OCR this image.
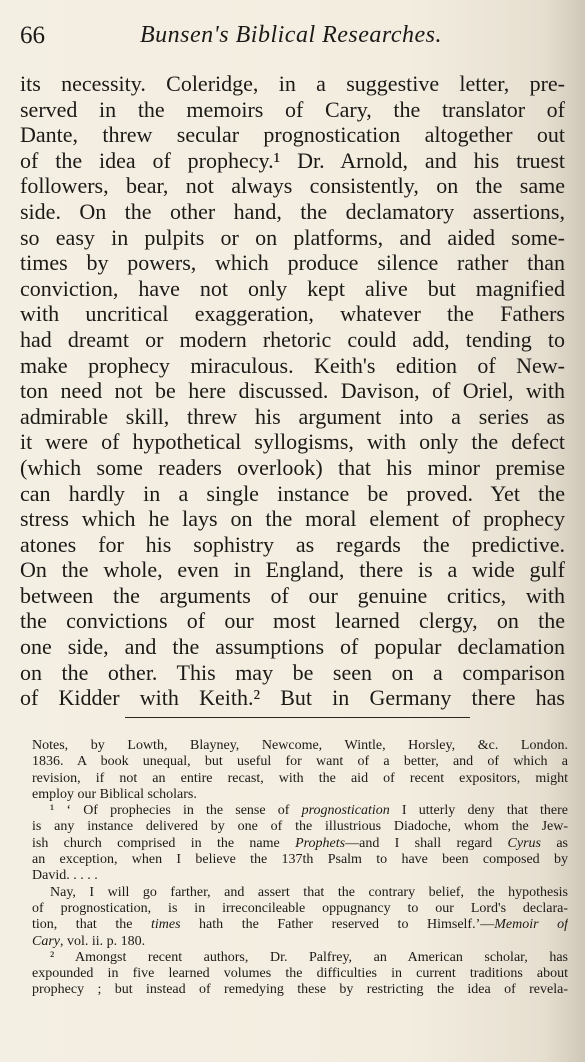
66	Bunsen's Biblical Researches.
its necessity. Coleridge, in a suggestive letter, pre-
served in the memoirs of Cary, the translator of
Dante, threw secular prognostication altogether out
of the idea of prophecy.¹ Dr. Arnold, and his truest
followers, bear, not always consistently, on the same
side. On the other hand, the declamatory assertions,
so easy in pulpits or on platforms, and aided some-
times by powers, which produce silence rather than
conviction, have not only kept alive but magnified
with uncritical exaggeration, whatever the Fathers
had dreamt or modern rhetoric could add, tending to
make prophecy miraculous. Keith's edition of New-
ton need not be here discussed. Davison, of Oriel, with
admirable skill, threw his argument into a series as
it were of hypothetical syllogisms, with only the defect
(which some readers overlook) that his minor premise
can hardly in a single instance be proved. Yet the
stress which he lays on the moral element of prophecy
atones for his sophistry as regards the predictive.
On the whole, even in England, there is a wide gulf
between the arguments of our genuine critics, with
the convictions of our most learned clergy, on the
one side, and the assumptions of popular declamation
on the other. This may be seen on a comparison
of Kidder with Keith.² But in Germany there has
Notes, by Lowth, Blayney, Newcome, Wintle, Horsley, &c. London.
1836. A book unequal, but useful for want of a better, and of which a
revision, if not an entire recast, with the aid of recent expositors, might
employ our Biblical scholars.
¹ ‘ Of prophecies in the sense of prognostication I utterly deny that there
is any instance delivered by one of the illustrious Diadoche, whom the Jew-
ish church comprised in the name Prophets—and I shall regard Cyrus as
an exception, when I believe the 137th Psalm to have been composed by
David. . . . .
Nay, I will go farther, and assert that the contrary belief, the hypothesis
of prognostication, is in irreconcileable oppugnancy to our Lord's declara-
tion, that the times hath the Father reserved to Himself.’—Memoir of
Cary, vol. ii. p. 180.
² Amongst recent authors, Dr. Palfrey, an American scholar, has
expounded in five learned volumes the difficulties in current traditions about
prophecy ; but instead of remedying these by restricting the idea of revela-
